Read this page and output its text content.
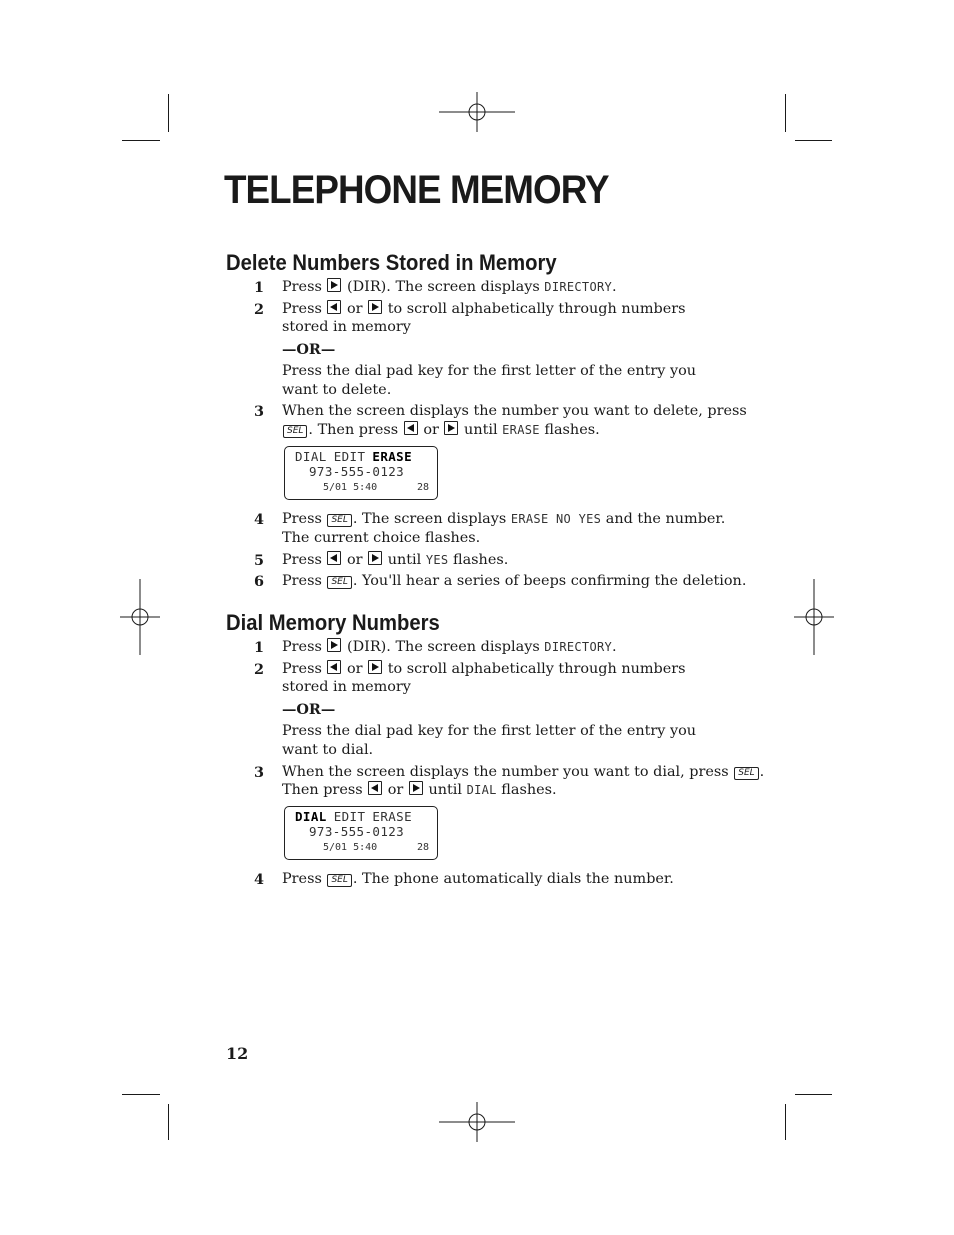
TELEPHONE MEMORY
Delete Numbers Stored in Memory
1	Press (DIR). The screen displays DIRECTORY.
2	Press or to scroll alphabetically through numbers
stored in memory
—OR—
Press the dial pad key for the first letter of the entry you
want to delete.
3	When the screen displays the number you want to delete, press
SEL . Then press or until ERASE flashes.
DIAL EDIT ERASE
973-555-0123
5/01 5:40	28
4	Press SEL . The screen displays ERASE NO YES and the number.
The current choice flashes.
5	Press or until YES flashes.
6	Press SEL . You'll hear a series of beeps confirming the deletion.
Dial Memory Numbers
1	Press (DIR). The screen displays DIRECTORY.
2	Press or to scroll alphabetically through numbers
stored in memory
—OR—
Press the dial pad key for the first letter of the entry you
want to dial.
3	When the screen displays the number you want to dial, press SEL .
Then press or until DIAL flashes.
DIAL EDIT ERASE
973-555-0123
5/01 5:40	28
4	Press SEL . The phone automatically dials the number.
12
